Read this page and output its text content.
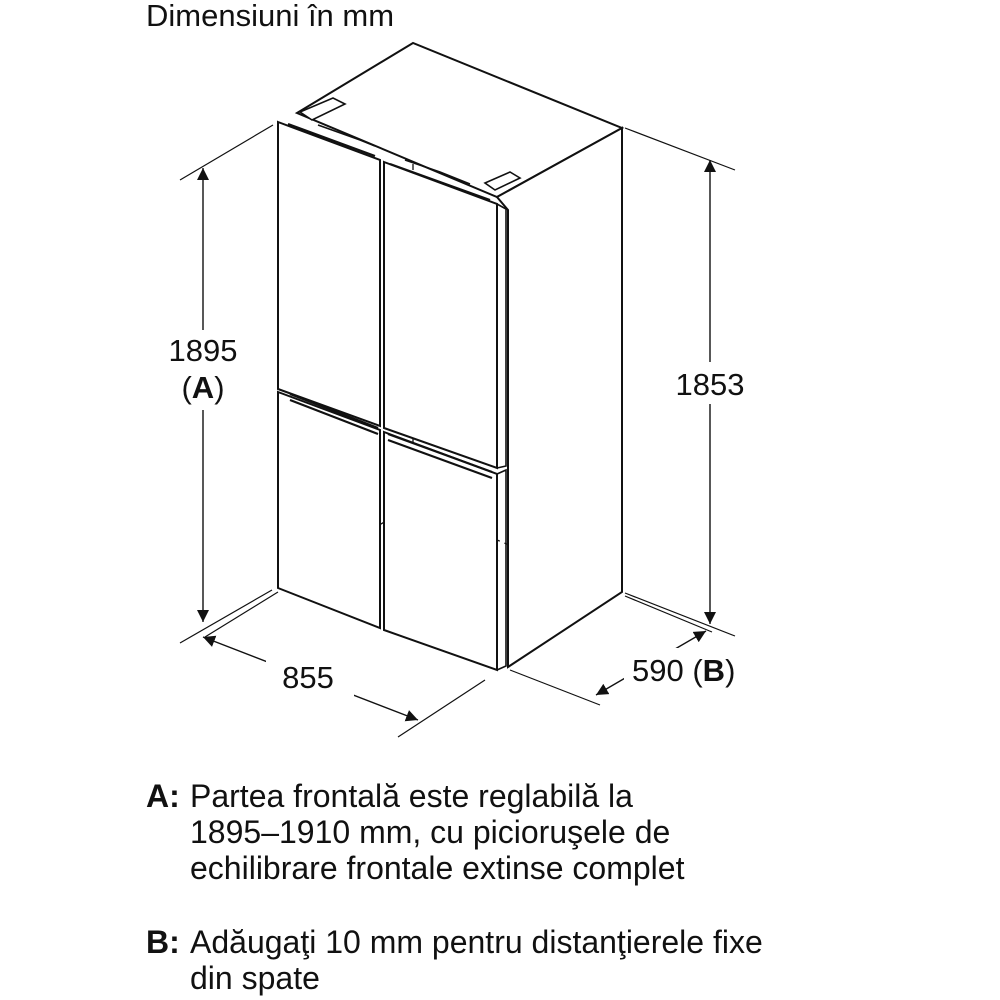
Dimensiuni în mm
1895
(A)	1853
855	590 (B)
A: Partea frontală este reglabilă la
1895–1910 mm, cu picioruşele de
echilibrare frontale extinse complet
B: Adăugaţi 10 mm pentru distanţierele fixe
din spate
